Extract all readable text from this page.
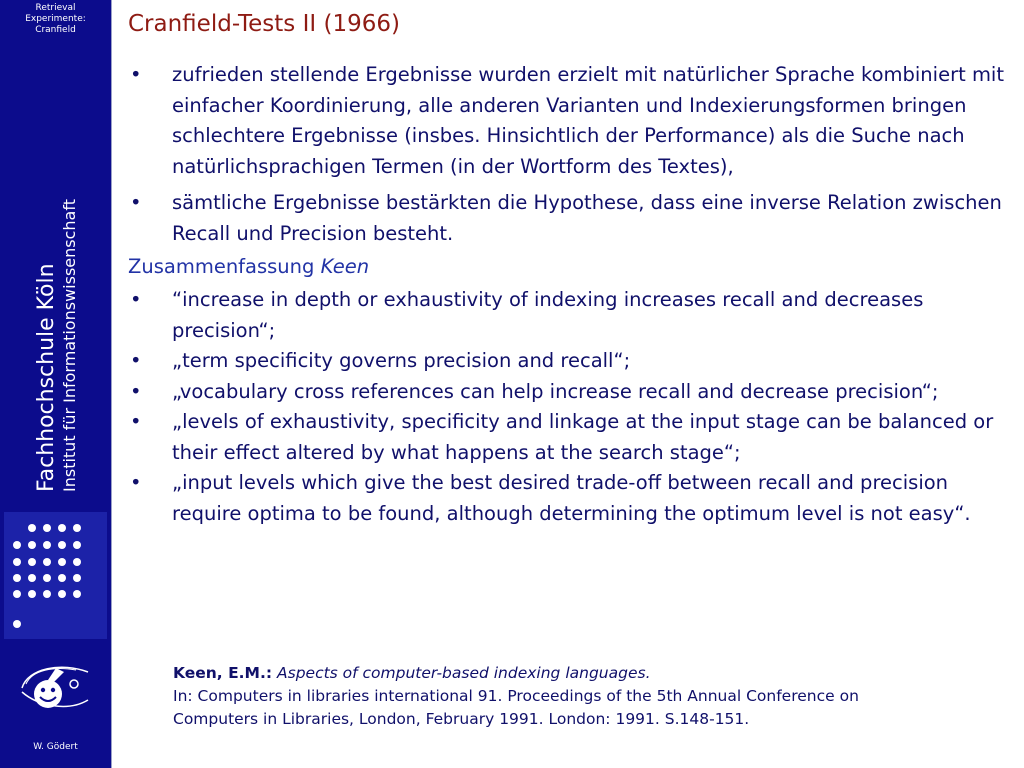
Retrieval
Experimente:
Cranfield
Fachhochschule Köln Institut für Informationswissenschaft
W. Gödert
Cranfield-Tests II (1966)
• zufrieden stellende Ergebnisse wurden erzielt mit natürlicher Sprache kombiniert mit einfacher Koordinierung, alle anderen Varianten und Indexierungsformen bringen schlechtere Ergebnisse (insbes. Hinsichtlich der Performance) als die Suche nach natürlichsprachigen Termen (in der Wortform des Textes),
• sämtliche Ergebnisse bestärkten die Hypothese, dass eine inverse Relation zwischen Recall und Precision besteht.
Zusammenfassung Keen
• “increase in depth or exhaustivity of indexing increases recall and decreases precision“;
• „term specificity governs precision and recall“;
• „vocabulary cross references can help increase recall and decrease precision“;
• „levels of exhaustivity, specificity and linkage at the input stage can be balanced or their effect altered by what happens at the search stage“;
• „input levels which give the best desired trade-off between recall and precision require optima to be found, although determining the optimum level is not easy“.
Keen, E.M.: Aspects of computer-based indexing languages.
In: Computers in libraries international 91. Proceedings of the 5th Annual Conference on
Computers in Libraries, London, February 1991. London: 1991. S.148-151.
